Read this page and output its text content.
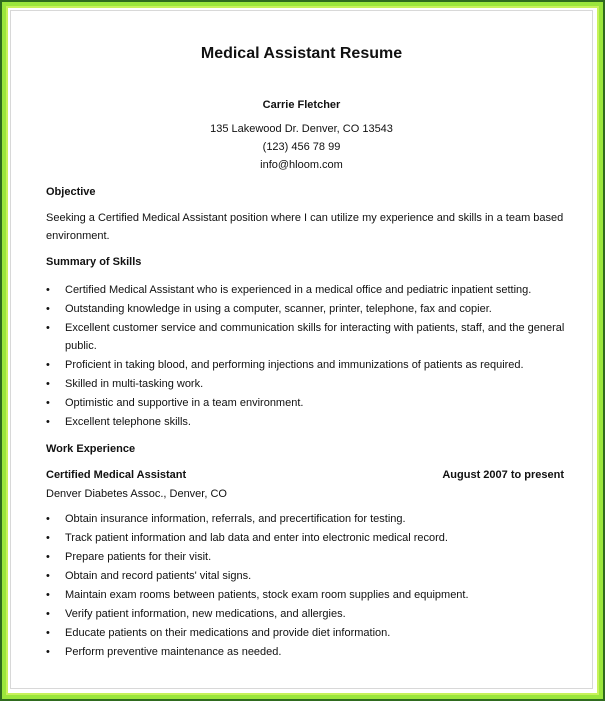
Medical Assistant Resume
Carrie Fletcher
135 Lakewood Dr. Denver, CO 13543
(123) 456 78 99
info@hloom.com
Objective
Seeking a Certified Medical Assistant position where I can utilize my experience and skills in a team based environment.
Summary of Skills
•	Certified Medical Assistant who is experienced in a medical office and pediatric inpatient setting.
•	Outstanding knowledge in using a computer, scanner, printer, telephone, fax and copier.
•	Excellent customer service and communication skills for interacting with patients, staff, and the general public.
•	Proficient in taking blood, and performing injections and immunizations of patients as required.
•	Skilled in multi-tasking work.
•	Optimistic and supportive in a team environment.
•	Excellent telephone skills.
Work Experience
Certified Medical Assistant	August 2007 to present
Denver Diabetes Assoc., Denver, CO
•	Obtain insurance information, referrals, and precertification for testing.
•	Track patient information and lab data and enter into electronic medical record.
•	Prepare patients for their visit.
•	Obtain and record patients' vital signs.
•	Maintain exam rooms between patients, stock exam room supplies and equipment.
•	Verify patient information, new medications, and allergies.
•	Educate patients on their medications and provide diet information.
•	Perform preventive maintenance as needed.
